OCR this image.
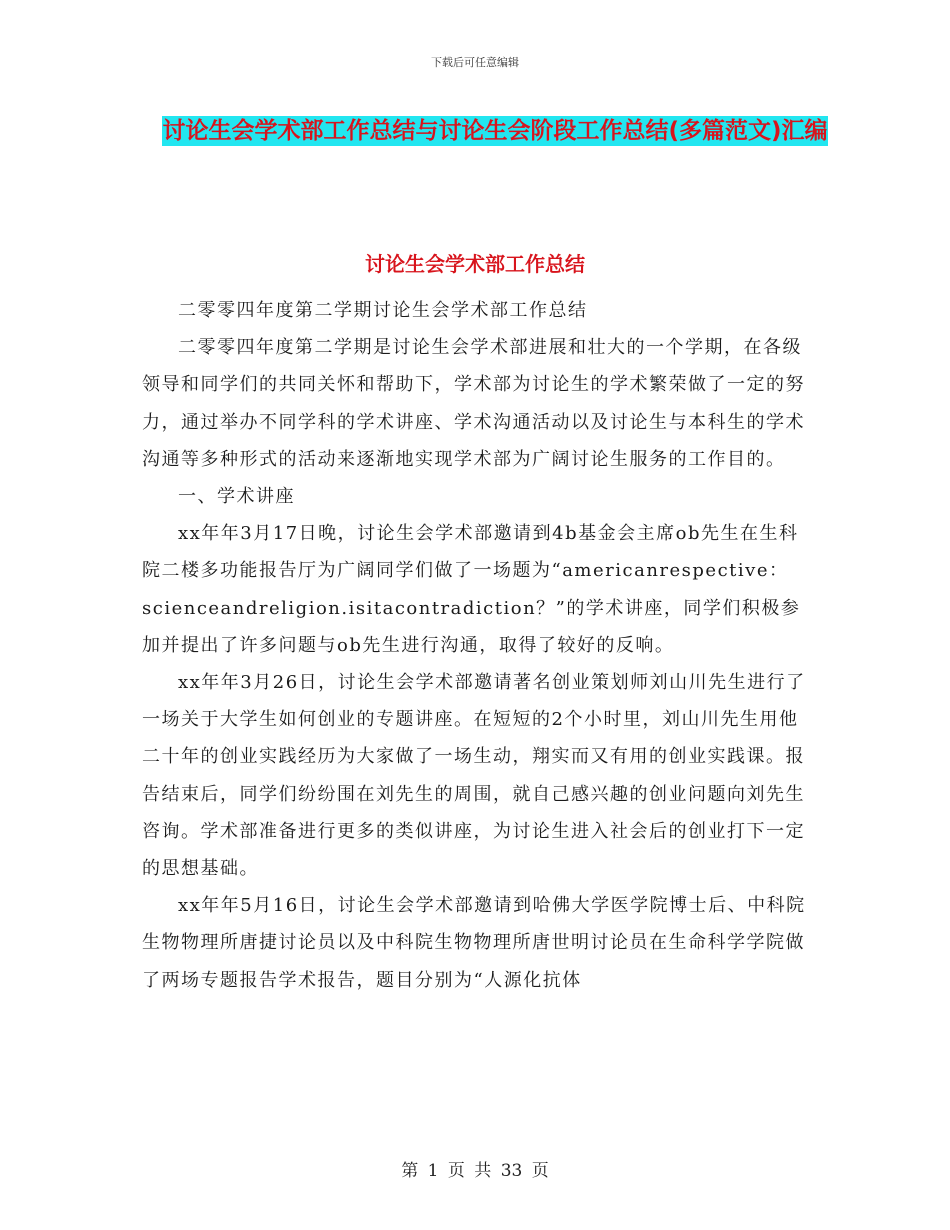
下载后可任意编辑
讨论生会学术部工作总结与讨论生会阶段工作总结(多篇范文)汇编
讨论生会学术部工作总结

二零零四年度第二学期讨论生会学术部工作总结

二零零四年度第二学期是讨论生会学术部进展和壮大的一个学期，在各级领导和同学们的共同关怀和帮助下，学术部为讨论生的学术繁荣做了一定的努力，通过举办不同学科的学术讲座、学术沟通活动以及讨论生与本科生的学术沟通等多种形式的活动来逐渐地实现学术部为广阔讨论生服务的工作目的。

一、学术讲座

xx年年3月17日晚，讨论生会学术部邀请到4b基金会主席ob先生在生科院二楼多功能报告厅为广阔同学们做了一场题为“americanrespective：scienceandreligion.isitacontradiction？”的学术讲座，同学们积极参加并提出了许多问题与ob先生进行沟通，取得了较好的反响。

xx年年3月26日，讨论生会学术部邀请著名创业策划师刘山川先生进行了一场关于大学生如何创业的专题讲座。在短短的2个小时里，刘山川先生用他二十年的创业实践经历为大家做了一场生动，翔实而又有用的创业实践课。报告结束后，同学们纷纷围在刘先生的周围，就自己感兴趣的创业问题向刘先生咨询。学术部准备进行更多的类似讲座，为讨论生进入社会后的创业打下一定的思想基础。

xx年年5月16日，讨论生会学术部邀请到哈佛大学医学院博士后、中科院生物物理所唐捷讨论员以及中科院生物物理所唐世明讨论员在生命科学学院做了两场专题报告学术报告，题目分别为“人源化抗体

第 1 页 共 33 页
